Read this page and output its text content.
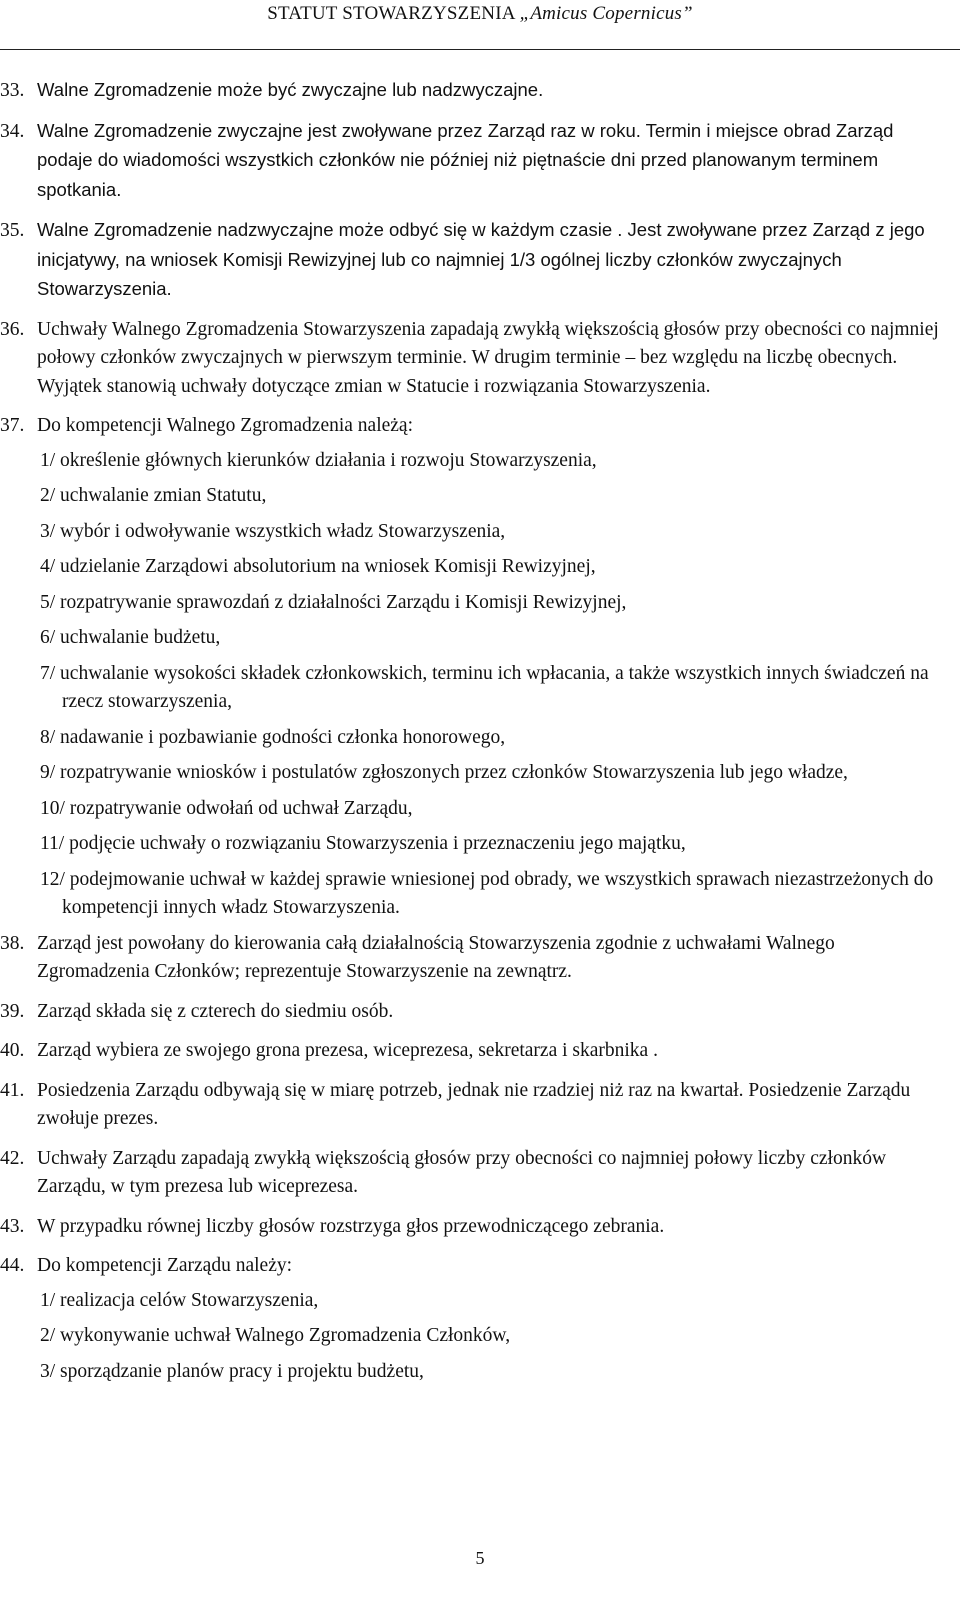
STATUT STOWARZYSZENIA „Amicus Copernicus”
33. Walne Zgromadzenie może być zwyczajne lub nadzwyczajne.
34. Walne Zgromadzenie zwyczajne jest zwoływane przez Zarząd raz w roku. Termin i miejsce obrad Zarząd podaje do wiadomości wszystkich członków nie później niż piętnaście dni przed planowanym terminem spotkania.
35. Walne Zgromadzenie nadzwyczajne może odbyć się w każdym czasie . Jest zwoływane przez Zarząd z jego inicjatywy, na wniosek Komisji Rewizyjnej lub co najmniej 1/3 ogólnej liczby członków zwyczajnych Stowarzyszenia.
36. Uchwały Walnego Zgromadzenia Stowarzyszenia zapadają zwykłą większością głosów przy obecności co najmniej połowy członków zwyczajnych w pierwszym terminie. W drugim terminie – bez względu na liczbę obecnych. Wyjątek stanowią uchwały dotyczące zmian w Statucie i rozwiązania Stowarzyszenia.
37. Do kompetencji Walnego Zgromadzenia należą:
1/ określenie głównych kierunków działania i rozwoju Stowarzyszenia,
2/ uchwalanie zmian Statutu,
3/ wybór i odwoływanie wszystkich władz Stowarzyszenia,
4/ udzielanie Zarządowi absolutorium na wniosek Komisji Rewizyjnej,
5/ rozpatrywanie sprawozdań z działalności Zarządu i Komisji Rewizyjnej,
6/ uchwalanie budżetu,
7/ uchwalanie wysokości składek członkowskich, terminu ich wpłacania, a także wszystkich innych świadczeń na rzecz stowarzyszenia,
8/ nadawanie i pozbawianie godności członka honorowego,
9/ rozpatrywanie wniosków i postulatów zgłoszonych przez członków Stowarzyszenia lub jego władze,
10/ rozpatrywanie odwołań od uchwał Zarządu,
11/ podjęcie uchwały o rozwiązaniu Stowarzyszenia i przeznaczeniu jego majątku,
12/ podejmowanie uchwał w każdej sprawie wniesionej pod obrady, we wszystkich sprawach niezastrzeżonych do kompetencji innych władz Stowarzyszenia.
38. Zarząd jest powołany do kierowania całą działalnością Stowarzyszenia zgodnie z uchwałami Walnego Zgromadzenia Członków; reprezentuje Stowarzyszenie na zewnątrz.
39. Zarząd składa się z czterech do siedmiu osób.
40. Zarząd wybiera ze swojego grona prezesa, wiceprezesa, sekretarza i skarbnika .
41. Posiedzenia Zarządu odbywają się w miarę potrzeb, jednak nie rzadziej niż raz na kwartał. Posiedzenie Zarządu zwołuje prezes.
42. Uchwały Zarządu zapadają zwykłą większością głosów przy obecności co najmniej połowy liczby członków Zarządu, w tym prezesa lub wiceprezesa.
43. W przypadku równej liczby głosów rozstrzyga głos przewodniczącego zebrania.
44. Do kompetencji Zarządu należy:
1/ realizacja celów Stowarzyszenia,
2/ wykonywanie uchwał Walnego Zgromadzenia Członków,
3/ sporządzanie planów pracy i projektu budżetu,
5
